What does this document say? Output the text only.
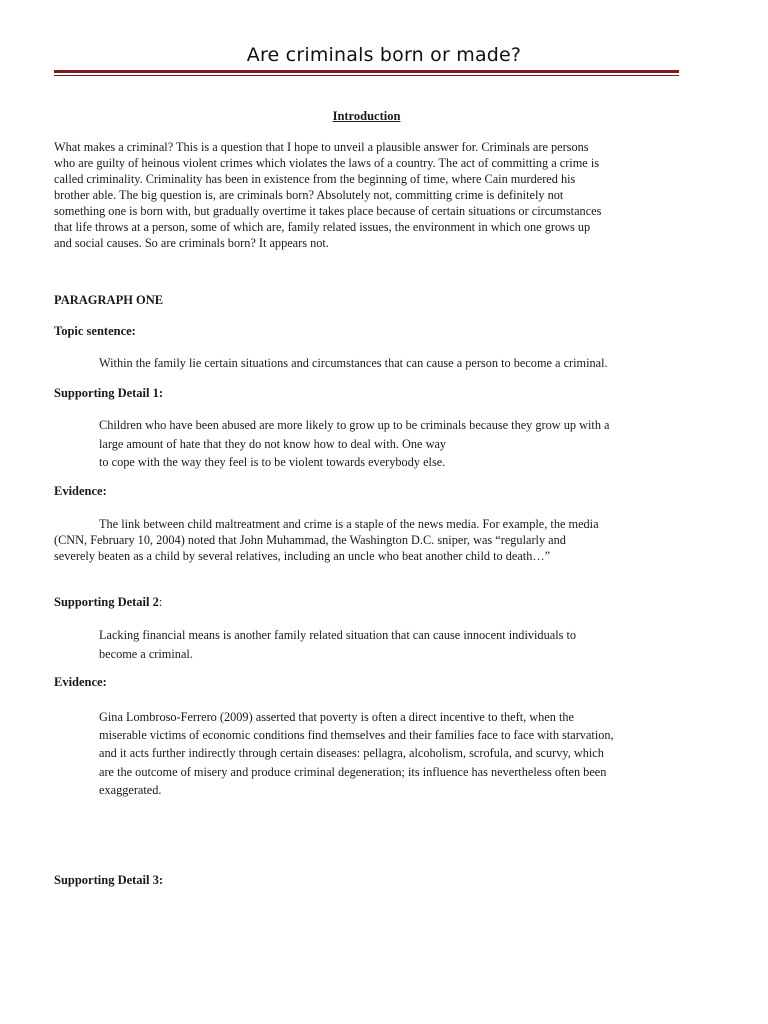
Are criminals born or made?
Introduction
What makes a criminal? This is a question that I hope to unveil a plausible answer for. Criminals are persons
who are guilty of heinous violent crimes which violates the laws of a country. The act of committing a crime is
called criminality. Criminality has been in existence from the beginning of time, where Cain murdered his
brother able. The big question is, are criminals born? Absolutely not, committing crime is definitely not
something one is born with, but gradually overtime it takes place because of certain situations or circumstances
that life throws at a person, some of which are, family related issues, the environment in which one grows up
and social causes. So are criminals born? It appears not.
PARAGRAPH ONE
Topic sentence:
Within the family lie certain situations and circumstances that can cause a person to become a criminal.
Supporting Detail 1:
Children who have been abused are more likely to grow up to be criminals because they grow up with a
large amount of hate that they do not know how to deal with. One way
to cope with the way they feel is to be violent towards everybody else.
Evidence:
The link between child maltreatment and crime is a staple of the news media. For example, the media
(CNN, February 10, 2004) noted that John Muhammad, the Washington D.C. sniper, was “regularly and
severely beaten as a child by several relatives, including an uncle who beat another child to death…”
Supporting Detail 2:
Lacking financial means is another family related situation that can cause innocent individuals to
become a criminal.
Evidence:
Gina Lombroso-Ferrero (2009) asserted that poverty is often a direct incentive to theft, when the
miserable victims of economic conditions find themselves and their families face to face with starvation,
and it acts further indirectly through certain diseases: pellagra, alcoholism, scrofula, and scurvy, which
are the outcome of misery and produce criminal degeneration; its influence has nevertheless often been
exaggerated.
Supporting Detail 3:
